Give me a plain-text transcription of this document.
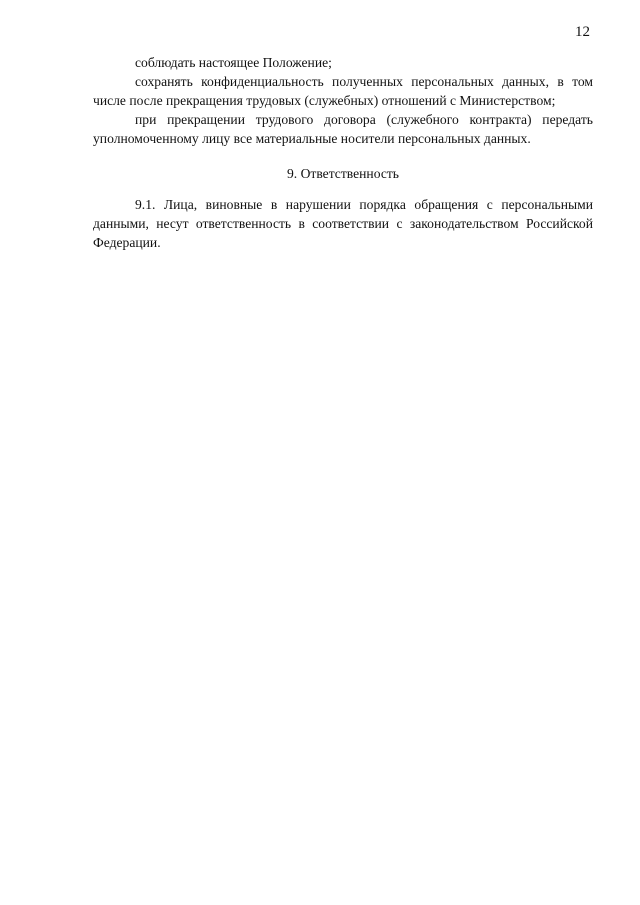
12

соблюдать настоящее Положение;

сохранять конфиденциальность полученных персональных данных, в том числе после прекращения трудовых (служебных) отношений с Министерством;

при прекращении трудового договора (служебного контракта) передать уполномоченному лицу все материальные носители персональных данных.

9. Ответственность

9.1. Лица, виновные в нарушении порядка обращения с персональными данными, несут ответственность в соответствии с законодательством Российской Федерации.
